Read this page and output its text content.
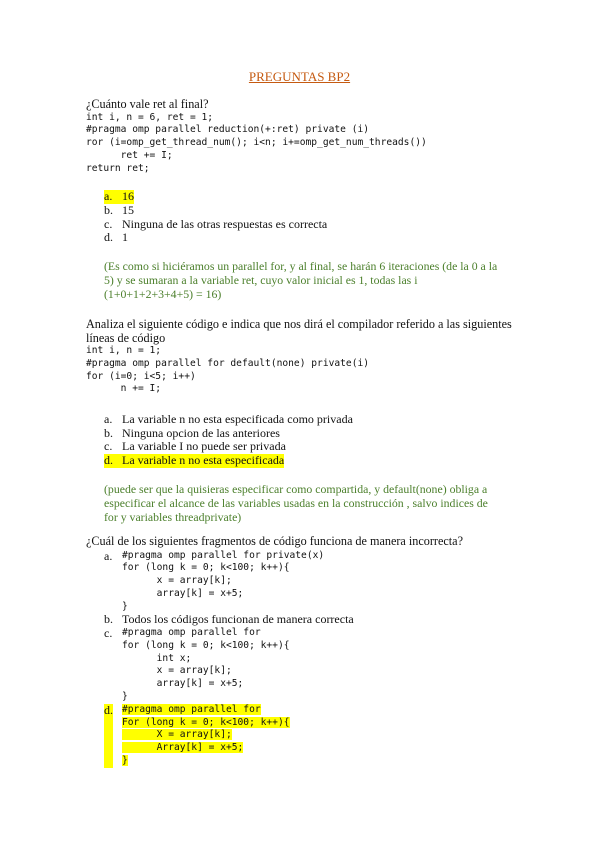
PREGUNTAS BP2

¿Cuánto vale ret al final?

int i, n = 6, ret = 1;
#pragma omp parallel reduction(+:ret) private (i)
ror (i=omp_get_thread_num(); i<n; i+=omp_get_num_threads())
ret += I;
return ret;
a. 16
b. 15
c. Ninguna de las otras respuestas es correcta
d. 1
(Es como si hiciéramos un parallel for, y al final, se harán 6 iteraciones (de la 0 a la
5) y se sumaran a la variable ret, cuyo valor inicial es 1, todas las i
(1+0+1+2+3+4+5) = 16)
Analiza el siguiente código e indica que nos dirá el compilador referido a las siguientes
líneas de código
int i, n = 1;
#pragma omp parallel for default(none) private(i)
for (i=0; i<5; i++)
n += I;
a. La variable n no esta especificada como privada
b. Ninguna opcion de las anteriores
c. La variable I no puede ser privada
d. La variable n no esta especificada
(puede ser que la quisieras especificar como compartida, y default(none) obliga a
especificar el alcance de las variables usadas en la construcción , salvo indices de
for y variables threadprivate)

¿Cuál de los siguientes fragmentos de código funciona de manera incorrecta?

a.	#pragma omp parallel for private(x)
for (long k = 0; k<100; k++){
x = array[k];
array[k] = x+5;
}
b. Todos los códigos funcionan de manera correcta
c.	#pragma omp parallel for
for (long k = 0; k<100; k++){
int x;
x = array[k];
array[k] = x+5;
}
d. #pragma omp parallel for
For (long k = 0; k<100; k++){
X = array[k];
Array[k] = x+5;
}
